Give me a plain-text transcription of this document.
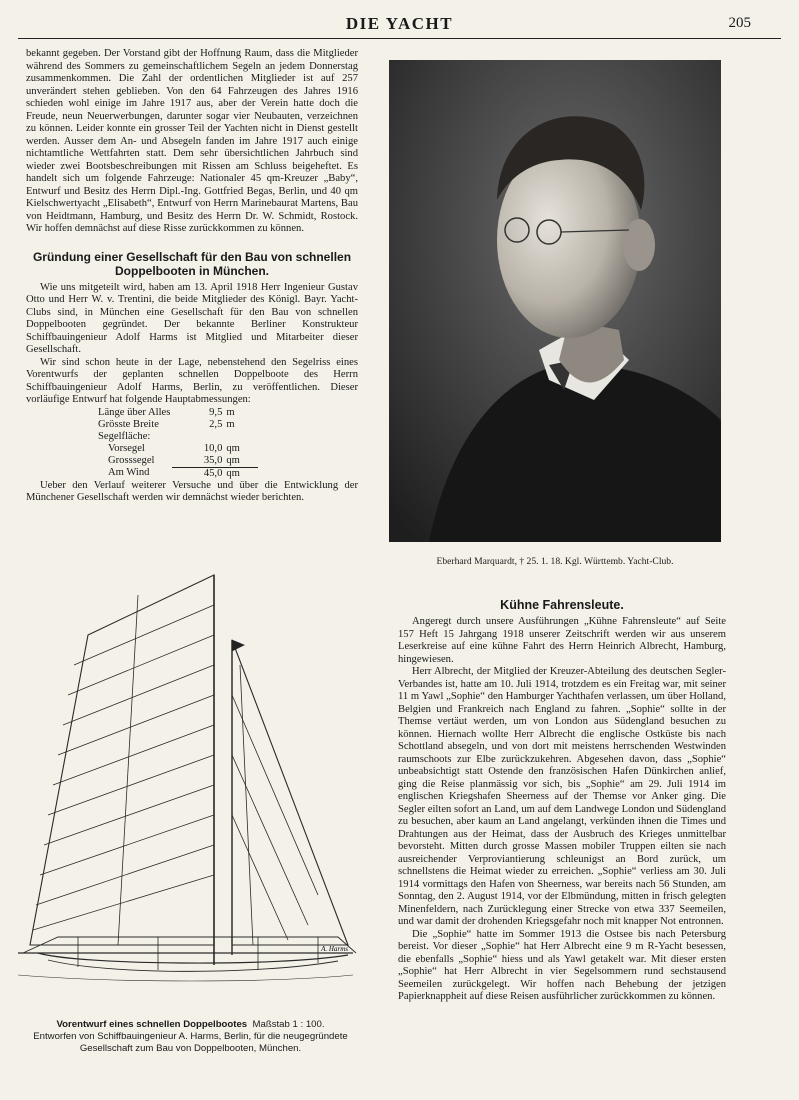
DIE YACHT	205

bekannt gegeben. Der Vorstand gibt der Hoffnung Raum, dass die Mitglieder während des Sommers zu gemeinschaftlichem Segeln an jedem Donnerstag zusammenkommen. Die Zahl der ordentlichen Mitglieder ist auf 257 unverändert stehen geblieben. Von den 64 Fahrzeugen des Jahres 1916 schieden wohl einige im Jahre 1917 aus, aber der Verein hatte doch die Freude, neun Neuerwerbungen, darunter sogar vier Neubauten, verzeichnen zu können. Leider konnte ein grosser Teil der Yachten nicht in Dienst gestellt werden. Ausser dem An- und Absegeln fanden im Jahre 1917 auch einige nichtamtliche Wettfahrten statt. Dem sehr übersichtlichen Jahrbuch sind wieder zwei Bootsbeschreibungen mit Rissen am Schluss beigeheftet. Es handelt sich um folgende Fahrzeuge: Nationaler 45 qm-Kreuzer „Baby“, Entwurf und Besitz des Herrn Dipl.-Ing. Gottfried Begas, Berlin, und 40 qm Kielschwertyacht „Elisabeth“, Entwurf von Herrn Marinebaurat Martens, Bau von Heidtmann, Hamburg, und Besitz des Herrn Dr. W. Schmidt, Rostock. Wir hoffen demnächst auf diese Risse zurückkommen zu können.

Gründung einer Gesellschaft für den Bau von schnellen Doppelbooten in München.

Wie uns mitgeteilt wird, haben am 13. April 1918 Herr Ingenieur Gustav Otto und Herr W. v. Trentini, die beide Mitglieder des Königl. Bayr. Yacht-Clubs sind, in München eine Gesellschaft für den Bau von schnellen Doppelbooten gegründet. Der bekannte Berliner Konstrukteur Schiffbauingenieur Adolf Harms ist Mitglied und Mitarbeiter dieser Gesellschaft.

Wir sind schon heute in der Lage, nebenstehend den Segelriss eines Vorentwurfs der geplanten schnellen Doppelboote des Herrn Schiffbauingenieur Adolf Harms, Berlin, zu veröffentlichen. Dieser vorläufige Entwurf hat folgende Hauptabmessungen:

Länge über Alles	9,5	m
Grösste Breite	2,5	m
Segelfläche:		
Vorsegel	10,0	qm
Grosssegel	35,0	qm
Am Wind	45,0	qm

Ueber den Verlauf weiterer Versuche und über die Entwicklung der Münchener Gesellschaft werden wir demnächst wieder berichten.

Eberhard Marquardt, † 25. 1. 18. Kgl. Württemb. Yacht-Club.
A. Harms
Vorentwurf eines schnellen Doppelbootes Maßstab 1 : 100.
Entworfen von Schiffbauingenieur A. Harms, Berlin, für die neugegründete Gesellschaft zum Bau von Doppelbooten, München.
Kühne Fahrensleute.

Angeregt durch unsere Ausführungen „Kühne Fahrensleute“ auf Seite 157 Heft 15 Jahrgang 1918 unserer Zeitschrift werden wir aus unserem Leserkreise auf eine kühne Fahrt des Herrn Heinrich Albrecht, Hamburg, hingewiesen.

Herr Albrecht, der Mitglied der Kreuzer-Abteilung des deutschen Segler-Verbandes ist, hatte am 10. Juli 1914, trotzdem es ein Freitag war, mit seiner 11 m Yawl „Sophie“ den Hamburger Yachthafen verlassen, um über Holland, Belgien und Frankreich nach England zu fahren. „Sophie“ sollte in der Themse vertäut werden, um von London aus Südengland besuchen zu können. Hiernach wollte Herr Albrecht die englische Ostküste bis nach Schottland absegeln, und von dort mit meistens herrschenden Westwinden raumschoots zur Elbe zurückzukehren. Abgesehen davon, dass „Sophie“ unbeabsichtigt statt Ostende den französischen Hafen Dünkirchen anlief, ging die Reise planmässig vor sich, bis „Sophie“ am 29. Juli 1914 im englischen Kriegshafen Sheerness auf der Themse vor Anker ging. Die Segler eilten sofort an Land, um auf dem Landwege London und Südengland zu besuchen, aber kaum an Land angelangt, verkünden ihnen die Times und Drahtungen aus der Heimat, dass der Ausbruch des Krieges unmittelbar bevorsteht. Mitten durch grosse Massen mobiler Truppen eilten sie nach ausreichender Verproviantierung schleunigst an Bord zurück, um schnellstens die Heimat wieder zu erreichen. „Sophie“ verliess am 30. Juli 1914 vormittags den Hafen von Sheerness, war bereits nach 56 Stunden, am Sonntag, den 2. August 1914, vor der Elbmündung, mitten in frisch gelegten Minenfeldern, nach Zurücklegung einer Strecke von etwa 337 Seemeilen, und war damit der drohenden Kriegsgefahr noch mit knapper Not entronnen.

Die „Sophie“ hatte im Sommer 1913 die Ostsee bis nach Petersburg bereist. Vor dieser „Sophie“ hat Herr Albrecht eine 9 m R-Yacht besessen, die ebenfalls „Sophie“ hiess und als Yawl getakelt war. Mit dieser ersten „Sophie“ hat Herr Albrecht in vier Segelsommern rund sechstausend Seemeilen zurückgelegt. Wir hoffen nach Behebung der jetzigen Papierknappheit auf diese Reisen ausführlicher zurückkommen zu können.
